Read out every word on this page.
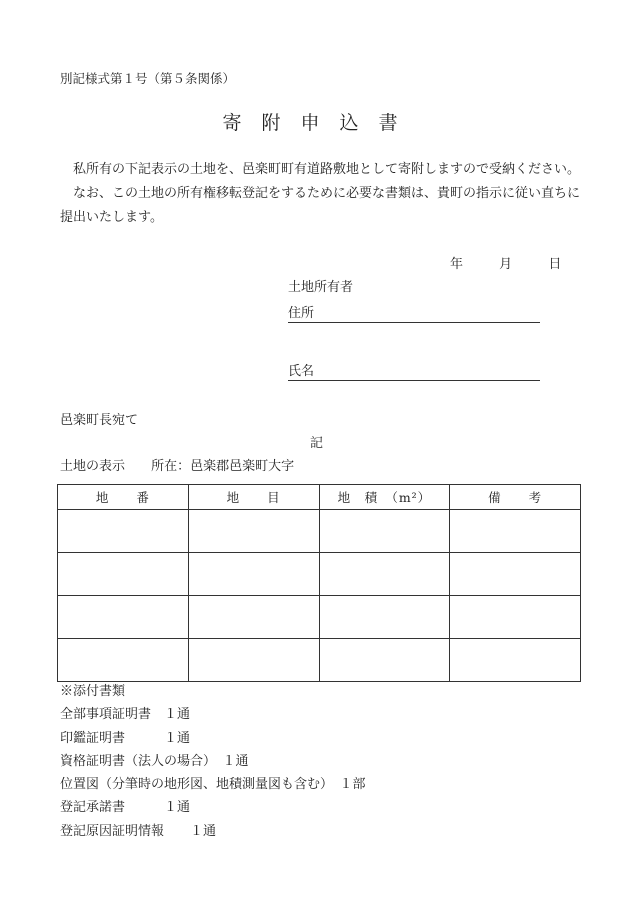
別記様式第１号（第５条関係）
寄附申込書

私所有の下記表示の土地を、邑楽町町有道路敷地として寄附しますので受納ください。

なお、この土地の所有権移転登記をするために必要な書類は、貴町の指示に従い直ちに提出いたします。

年	月	日
土地所有者
住所
氏名
邑楽町長宛て
記
土地の表示 所在：邑楽郡邑楽町大字
地　　番	地　　目	地　積　（m²）	備　　考

※添付書類
全部事項証明書　１通
印鑑証明書　　　１通
資格証明書（法人の場合）　１通
位置図（分筆時の地形図、地積測量図も含む）　１部
登記承諾書　　　１通
登記原因証明情報　　１通
